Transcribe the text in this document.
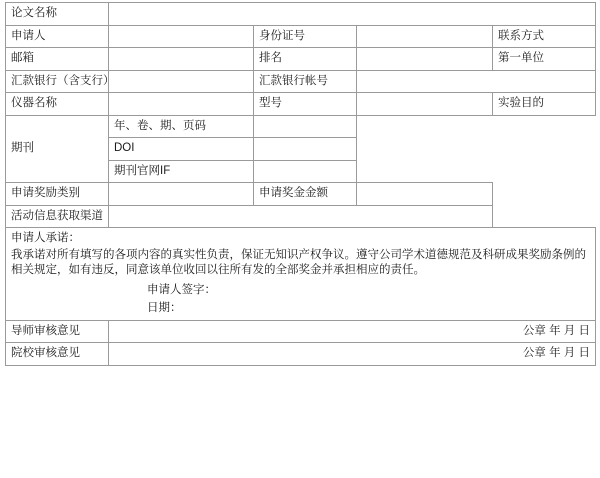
论文名称				
申请人		身份证号		联系方式
邮箱		排名		第一单位
汇款银行（含支行）		汇款银行帐号		
仪器名称		型号		实验目的
期刊	年、卷、期、页码			
	DOI			
	期刊官网IF			
申请奖励类别		申请奖金金额		
活动信息获取渠道				

申请人承诺：
我承诺对所有填写的各项内容的真实性负责，保证无知识产权争议。遵守公司学术道德规范及科研成果奖励条例的相关规定，如有违反，同意该单位收回以往所有发的全部奖金并承担相应的责任。
申请人签字：
日期：				

导师审核意见	公章 年 月 日			
院校审核意见	公章 年 月 日			
